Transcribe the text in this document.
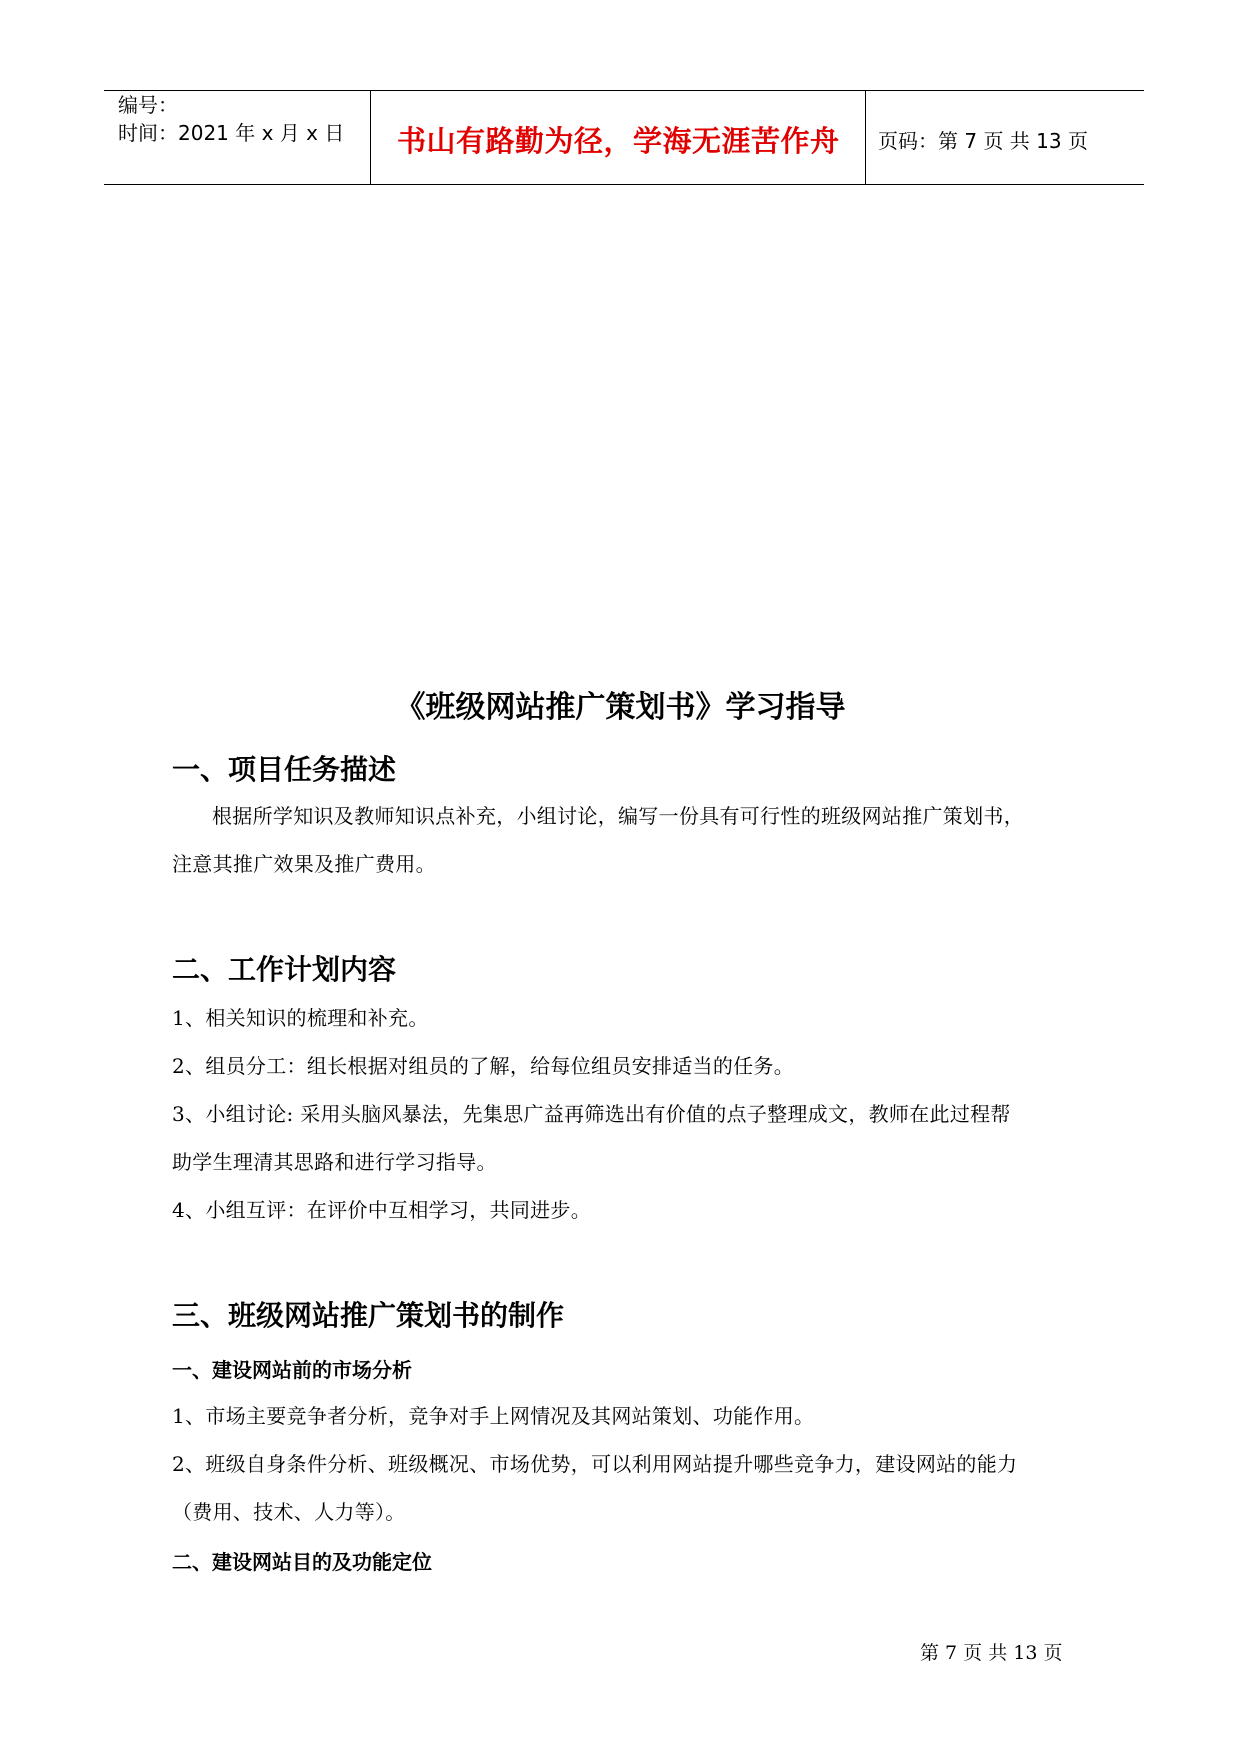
编号：
时间：2021 年 x 月 x 日 书山有路勤为径，学海无涯苦作舟 页码：第 7 页 共 13 页
《班级网站推广策划书》学习指导
一、项目任务描述
根据所学知识及教师知识点补充，小组讨论，编写一份具有可行性的班级网站推广策划书，
注意其推广效果及推广费用。
二、工作计划内容
1、相关知识的梳理和补充。
2、组员分工：组长根据对组员的了解，给每位组员安排适当的任务。
3、小组讨论: 采用头脑风暴法，先集思广益再筛选出有价值的点子整理成文，教师在此过程帮
助学生理清其思路和进行学习指导。
4、小组互评：在评价中互相学习，共同进步。
三、班级网站推广策划书的制作
一、建设网站前的市场分析
1、市场主要竞争者分析，竞争对手上网情况及其网站策划、功能作用。
2、班级自身条件分析、班级概况、市场优势，可以利用网站提升哪些竞争力，建设网站的能力
（费用、技术、人力等）。
二、建设网站目的及功能定位
第 7 页 共 13 页
